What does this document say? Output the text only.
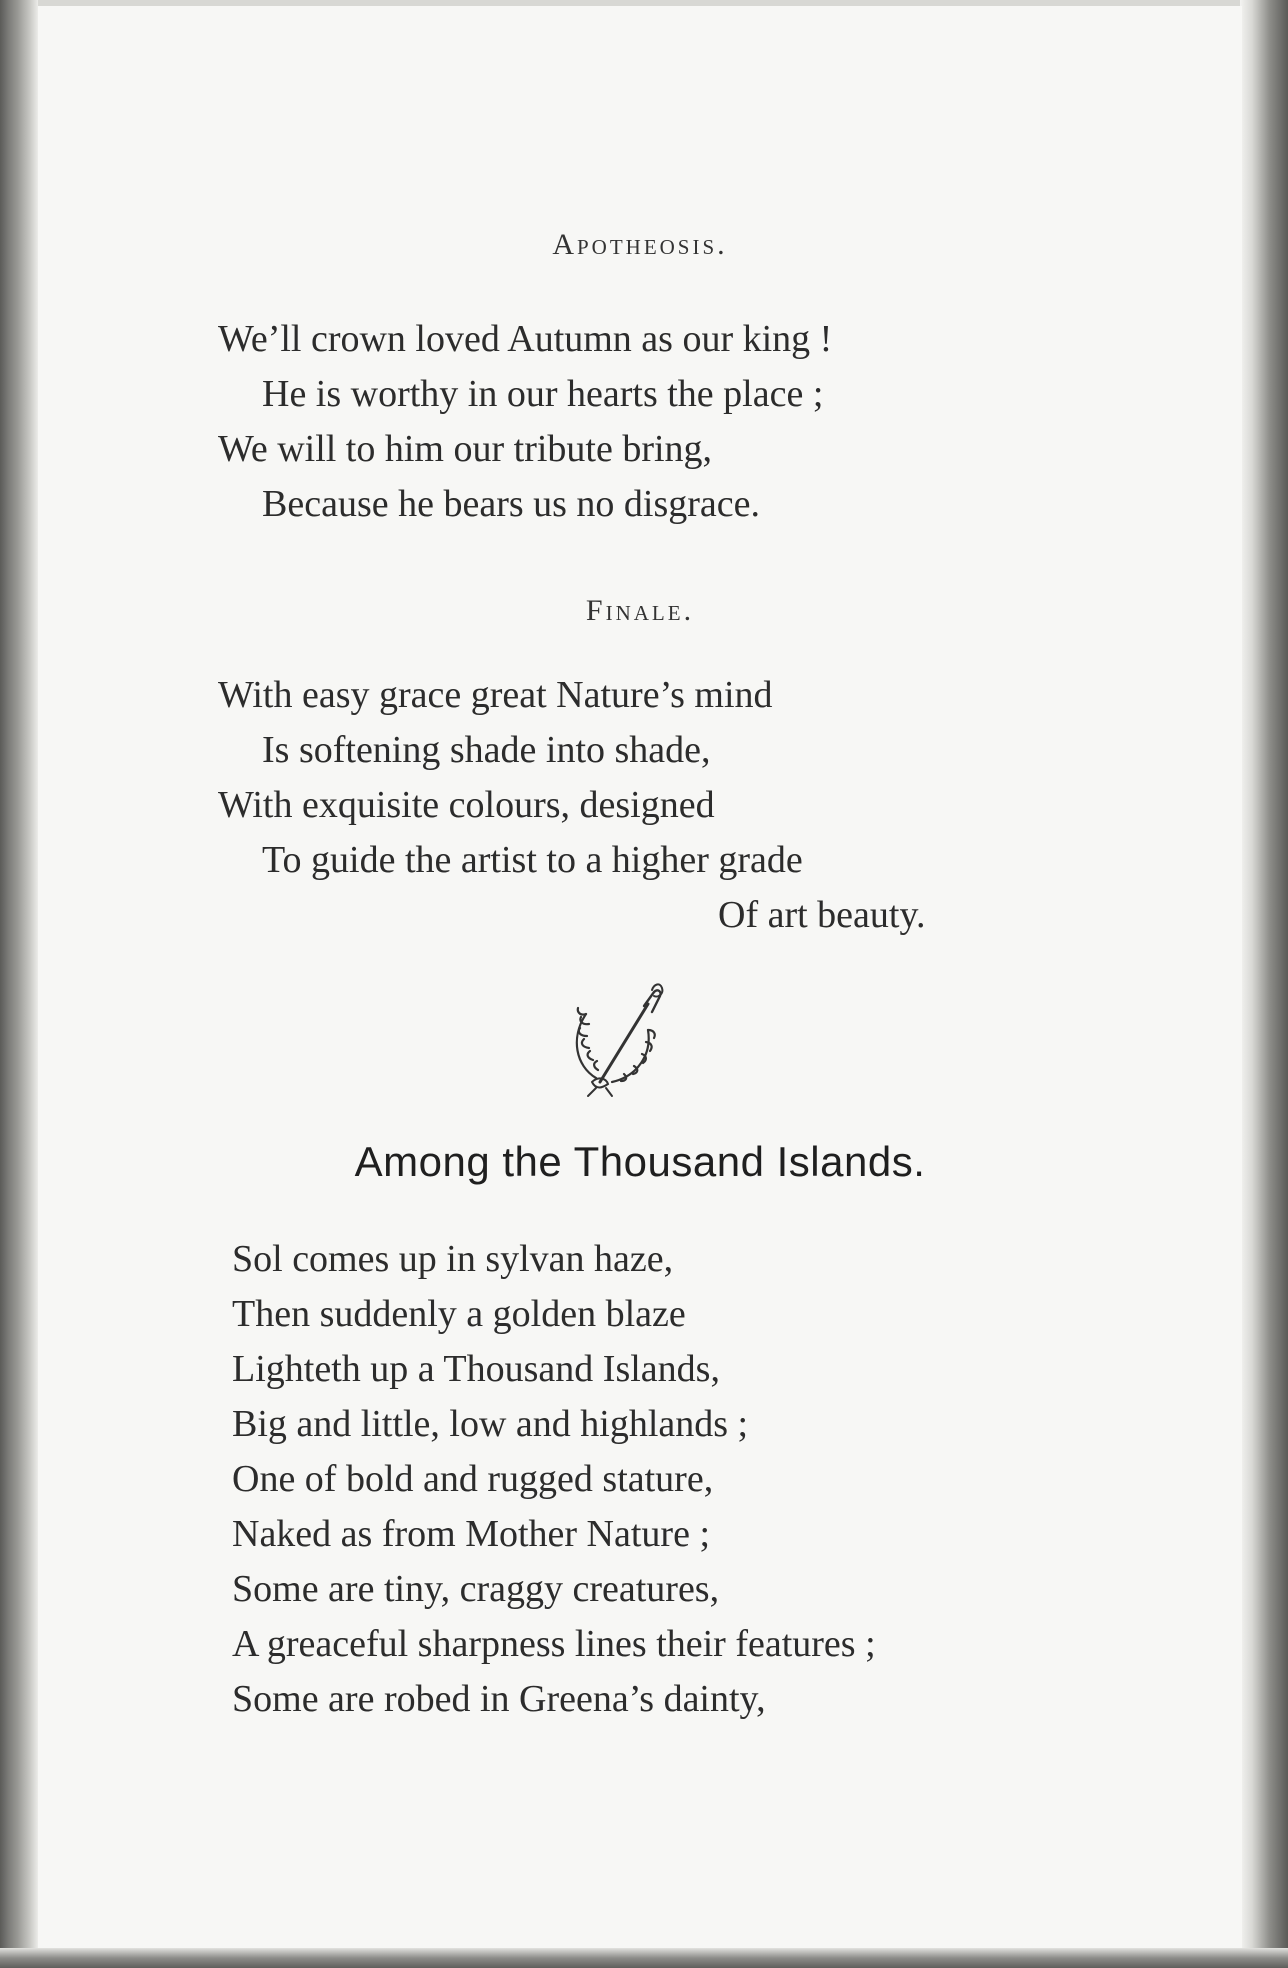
Apotheosis.
We’ll crown loved Autumn as our king !
He is worthy in our hearts the place ;
We will to him our tribute bring,
Because he bears us no disgrace.
Finale.
With easy grace great Nature’s mind
Is softening shade into shade,
With exquisite colours, designed
To guide the artist to a higher grade
Of art beauty.
Among the Thousand Islands.
Sol comes up in sylvan haze,
Then suddenly a golden blaze
Lighteth up a Thousand Islands,
Big and little, low and highlands ;
One of bold and rugged stature,
Naked as from Mother Nature ;
Some are tiny, craggy creatures,
A greaceful sharpness lines their features ;
Some are robed in Greena’s dainty,
